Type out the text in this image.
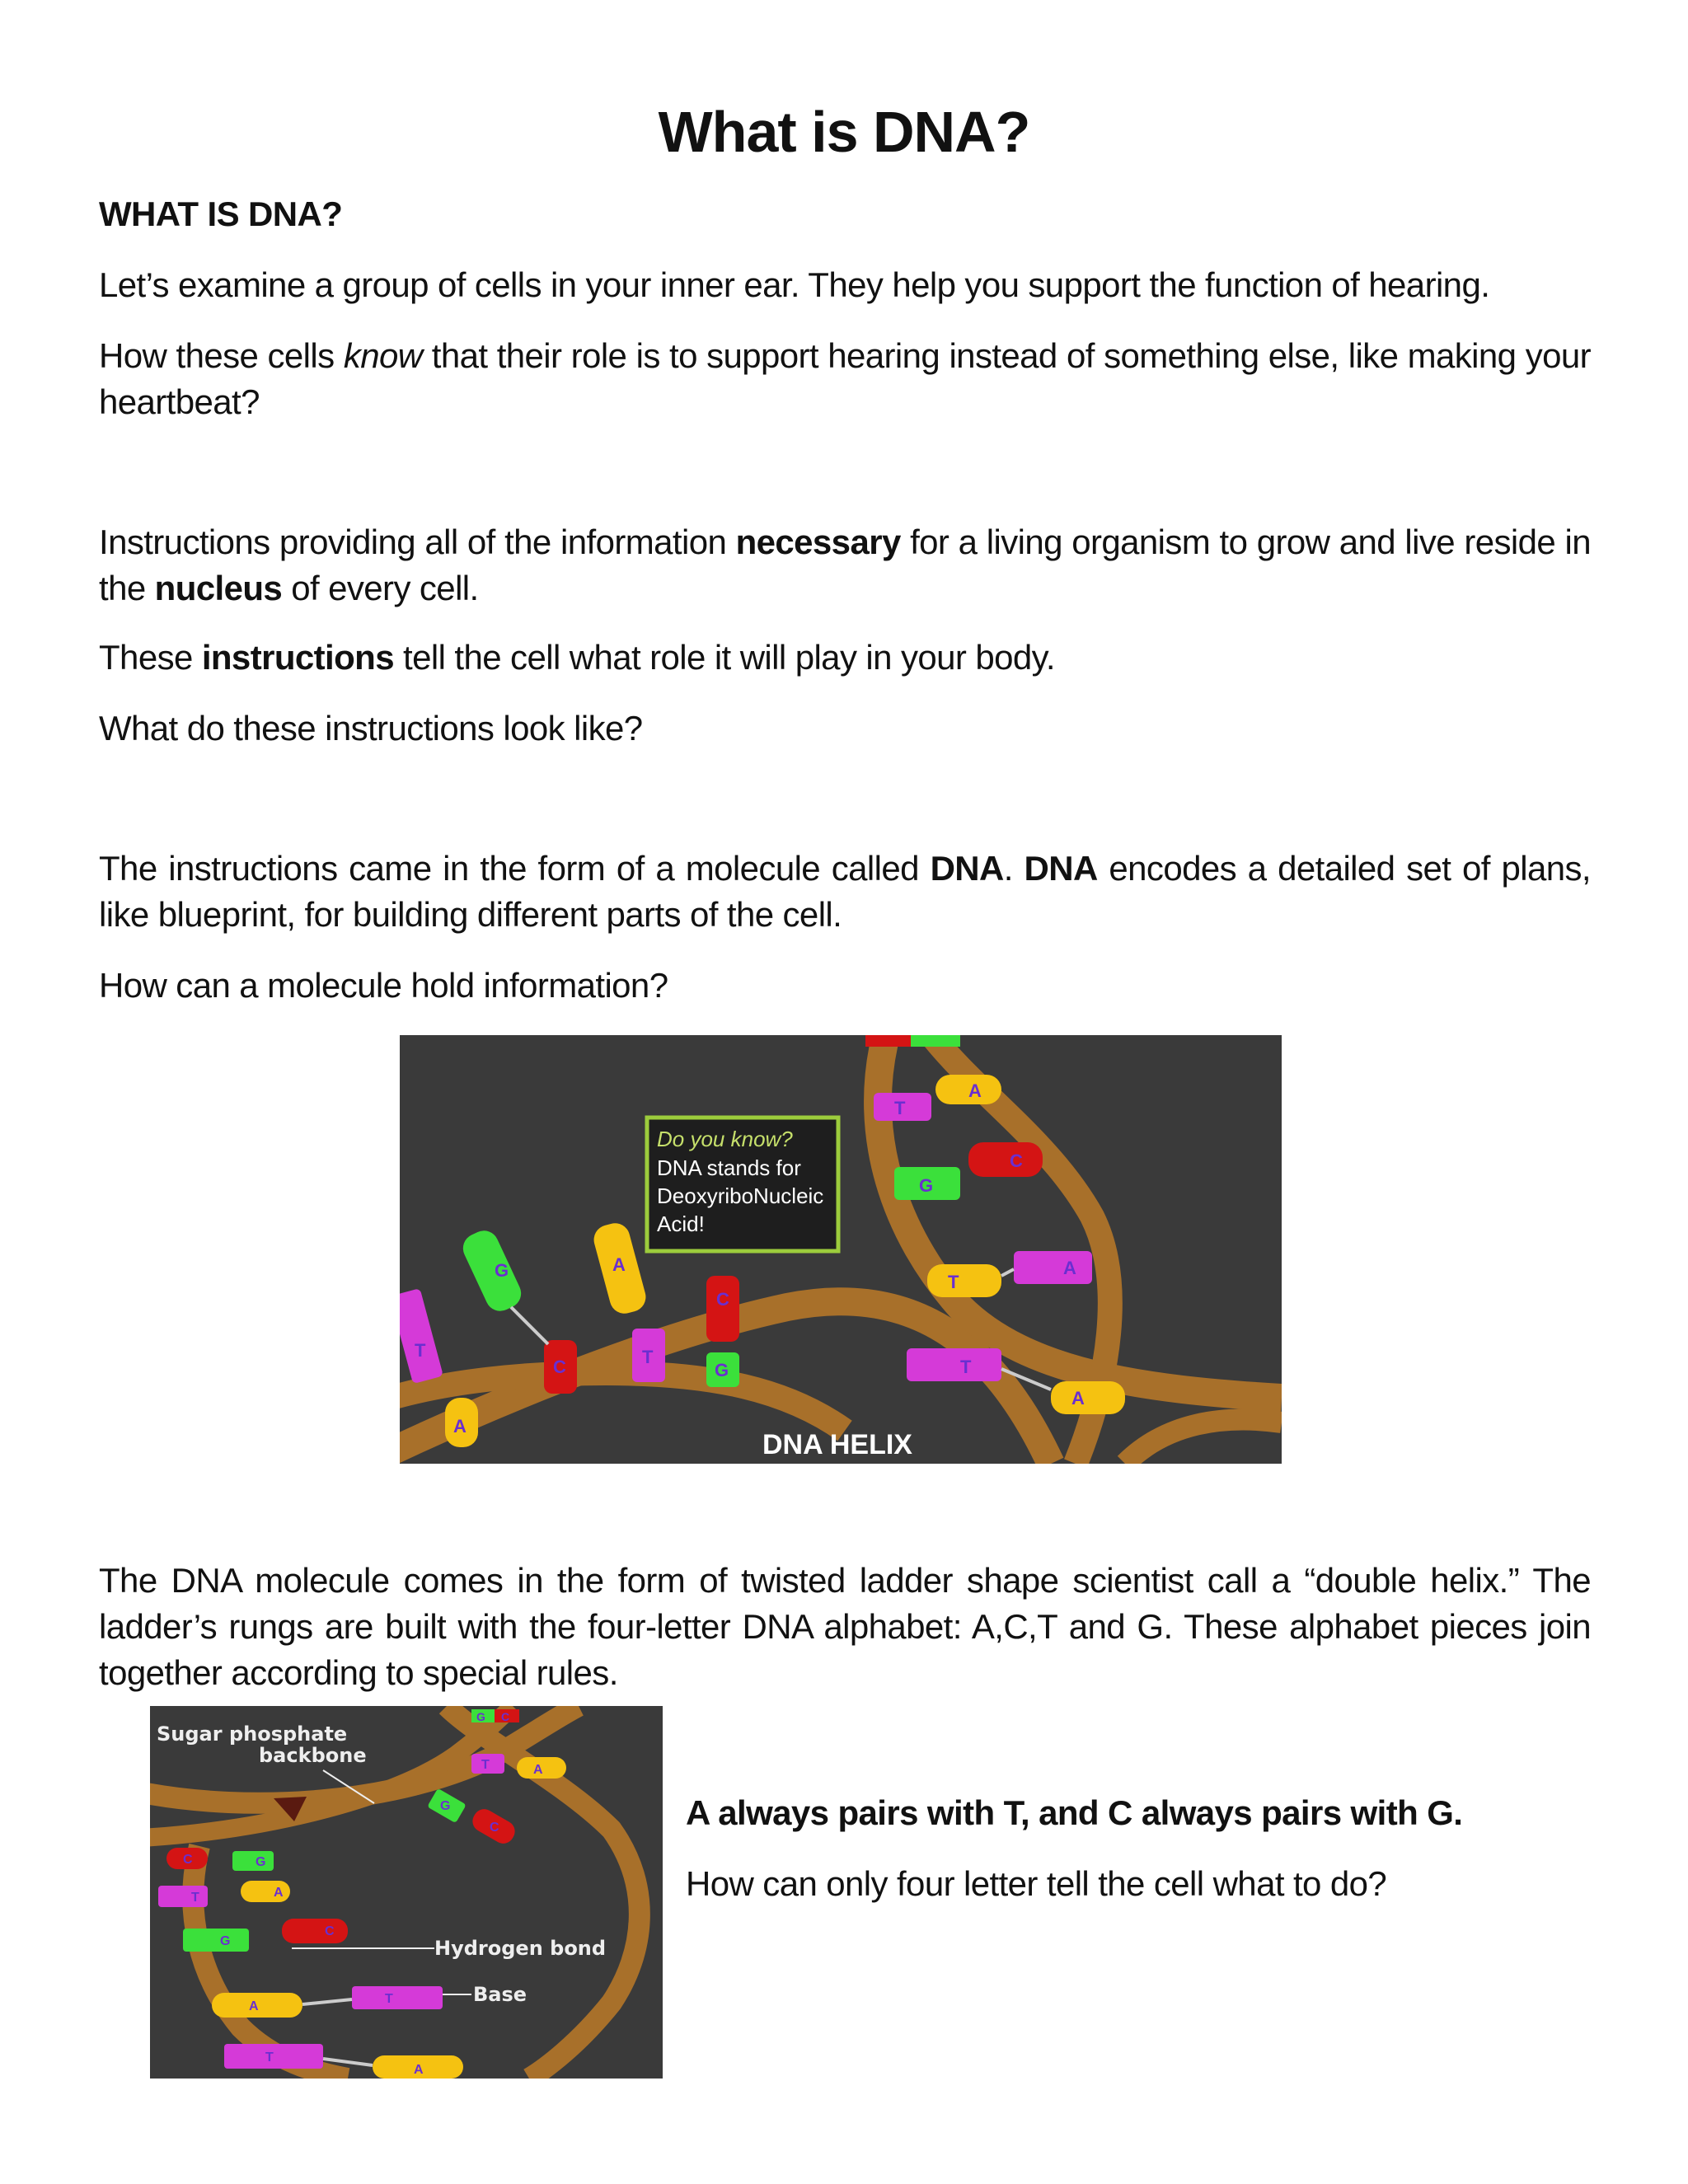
What is DNA?
WHAT IS DNA?
Let’s examine a group of cells in your inner ear. They help you support the function of hearing.
How these cells know that their role is to support hearing instead of something else, like making your heartbeat?
Instructions providing all of the information necessary for a living organism to grow and live reside in the nucleus of every cell.
These instructions tell the cell what role it will play in your body.
What do these instructions look like?
The instructions came in the form of a molecule called DNA. DNA encodes a detailed set of plans, like blueprint, for building different parts of the cell.
How can a molecule hold information?
T
A
G
C
T
A
T
A
T
A
G
C
A
T
C
G
Do you know?
DNA stands for
DeoxyriboNucleic
Acid!
DNA HELIX
The DNA molecule comes in the form of twisted ladder shape scientist call a “double helix.” The ladder’s rungs are built with the four-letter DNA alphabet: A,C,T and G. These alphabet pieces join together according to special rules.
G C
T	A
G
C
C	G
T	A
G
C
A
T
T
A
Sugar phosphate
backbone
Hydrogen bond
Base
A always pairs with T, and C always pairs with G.
How can only four letter tell the cell what to do?
